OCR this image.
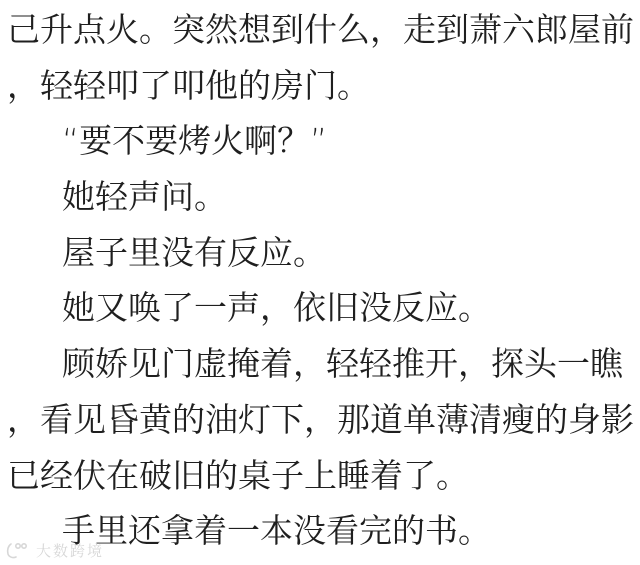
己升点火。突然想到什么，走到萧六郎屋前
，轻轻叩了叩他的房门。
“要不要烤火啊？”
她轻声问。
屋子里没有反应。
她又唤了一声，依旧没反应。
顾娇见门虚掩着，轻轻推开，探头一瞧
，看见昏黄的油灯下，那道单薄清瘦的身影
已经伏在破旧的桌子上睡着了。
手里还拿着一本没看完的书。
大数跨境
